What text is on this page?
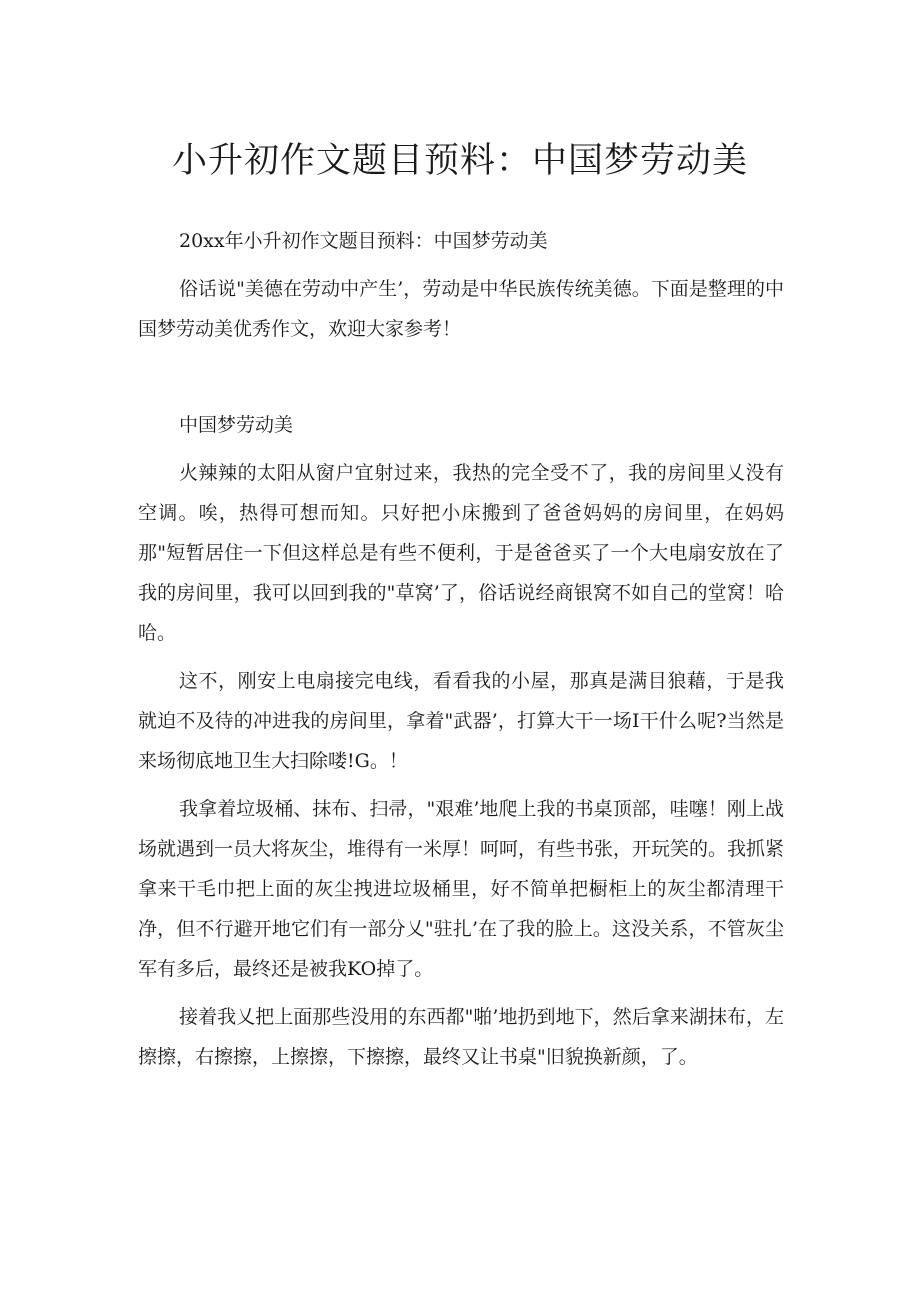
小升初作文题目预料：中国梦劳动美

20xx年小升初作文题目预料：中国梦劳动美

俗话说"美德在劳动中产生’，劳动是中华民族传统美德。下面是整理的中国梦劳动美优秀作文，欢迎大家参考！

中国梦劳动美

火辣辣的太阳从窗户宜射过来，我热的完全受不了，我的房间里乂没有空调。唉，热得可想而知。只好把小床搬到了爸爸妈妈的房间里，在妈妈那"短暂居住一下但这样总是有些不便利，于是爸爸买了一个大电扇安放在了我的房间里，我可以回到我的"草窝’了，俗话说经商银窝不如自己的堂窝！哈哈。

这不，刚安上电扇接完电线，看看我的小屋，那真是满目狼藉，于是我就迫不及待的冲进我的房间里，拿着"武器’，打算大干一场I干什么呢?当然是来场彻底地卫生大扫除喽!G。！

我拿着垃圾桶、抹布、扫帚，"艰难’地爬上我的书桌顶部，哇噻！刚上战场就遇到一员大将灰尘，堆得有一米厚！呵呵，有些书张，开玩笑的。我抓紧拿来干毛巾把上面的灰尘拽进垃圾桶里，好不简单把橱柜上的灰尘都清理干净，但不行避开地它们有一部分乂"驻扎’在了我的脸上。这没关系，不管灰尘军有多后，最终还是被我KO掉了。

接着我乂把上面那些没用的东西都"啪’地扔到地下，然后拿来湖抹布，左擦擦，右擦擦，上擦擦，下擦擦，最终又让书桌"旧貌换新颜，了。
